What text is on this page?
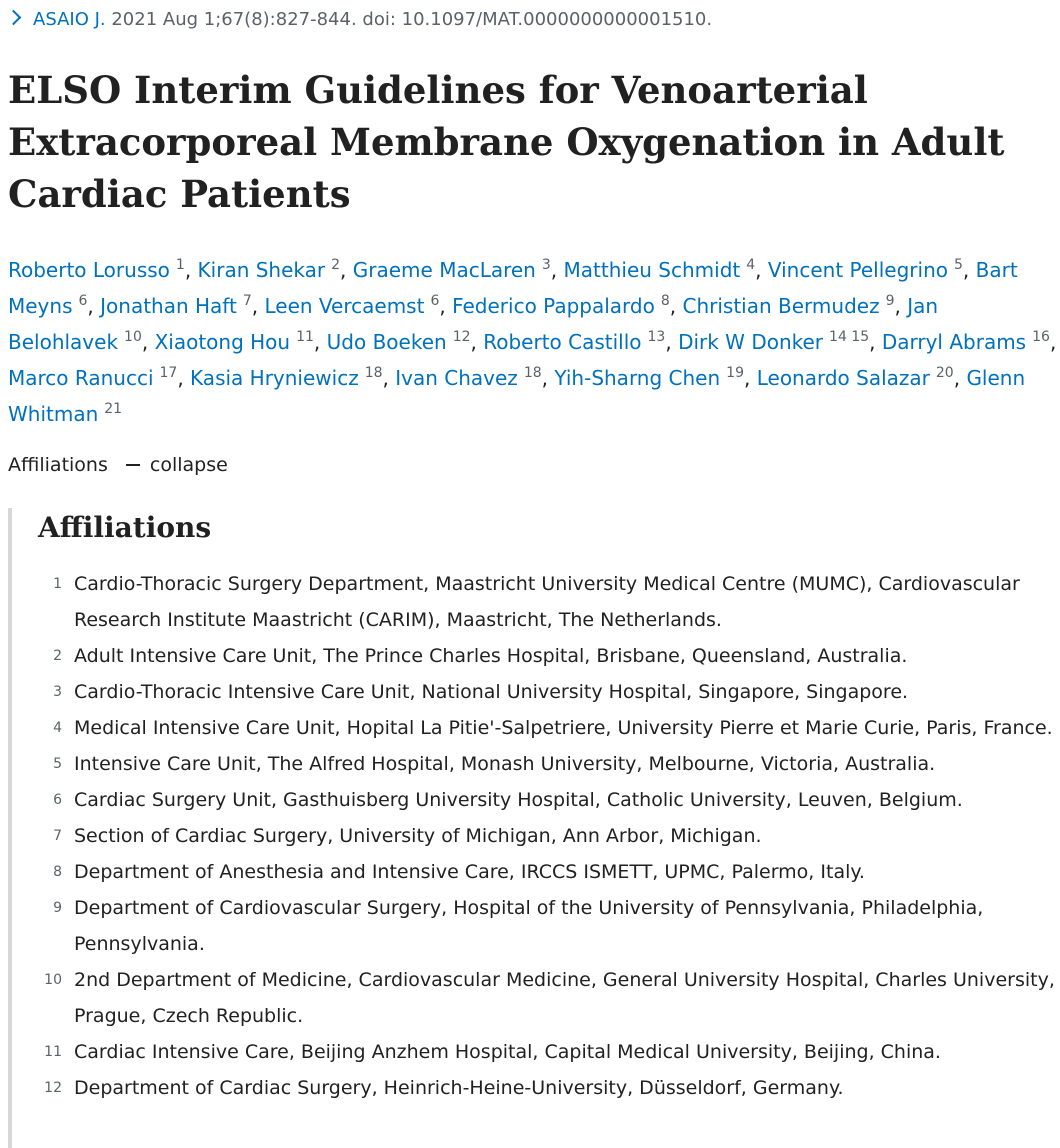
ASAIO J. 2021 Aug 1;67(8):827-844. doi: 10.1097/MAT.0000000000001510.
ELSO Interim Guidelines for Venoarterial Extracorporeal Membrane Oxygenation in Adult Cardiac Patients
Roberto Lorusso $^1$, Kiran Shekar $^2$, Graeme MacLaren $^3$, Matthieu Schmidt $^4$, Vincent Pellegrino $^5$, Bart Meyns $^6$, Jonathan Haft $^7$, Leen Vercaemst $^6$, Federico Pappalardo $^8$, Christian Bermudez $^9$, Jan Belohlavek $^{10}$, Xiaotong Hou $^{11}$, Udo Boeken $^{12}$, Roberto Castillo $^{13}$, Dirk W Donker $^{14 15}$, Darryl Abrams $^{16}$, Marco Ranucci $^{17}$, Kasia Hryniewicz $^{18}$, Ivan Chavez $^{18}$, Yih-Sharng Chen $^{19}$, Leonardo Salazar $^{20}$, Glenn Whitman $^{21}$
Affiliations collapse
Affiliations
1 Cardio-Thoracic Surgery Department, Maastricht University Medical Centre (MUMC), Cardiovascular Research Institute Maastricht (CARIM), Maastricht, The Netherlands.
2 Adult Intensive Care Unit, The Prince Charles Hospital, Brisbane, Queensland, Australia.
3 Cardio-Thoracic Intensive Care Unit, National University Hospital, Singapore, Singapore.
4 Medical Intensive Care Unit, Hopital La Pitie'-Salpetriere, University Pierre et Marie Curie, Paris, France.
5 Intensive Care Unit, The Alfred Hospital, Monash University, Melbourne, Victoria, Australia.
6 Cardiac Surgery Unit, Gasthuisberg University Hospital, Catholic University, Leuven, Belgium.
7 Section of Cardiac Surgery, University of Michigan, Ann Arbor, Michigan.
8 Department of Anesthesia and Intensive Care, IRCCS ISMETT, UPMC, Palermo, Italy.
9 Department of Cardiovascular Surgery, Hospital of the University of Pennsylvania, Philadelphia, Pennsylvania.
10 2nd Department of Medicine, Cardiovascular Medicine, General University Hospital, Charles University, Prague, Czech Republic.
11 Cardiac Intensive Care, Beijing Anzhem Hospital, Capital Medical University, Beijing, China.
12 Department of Cardiac Surgery, Heinrich-Heine-University, Düsseldorf, Germany.
